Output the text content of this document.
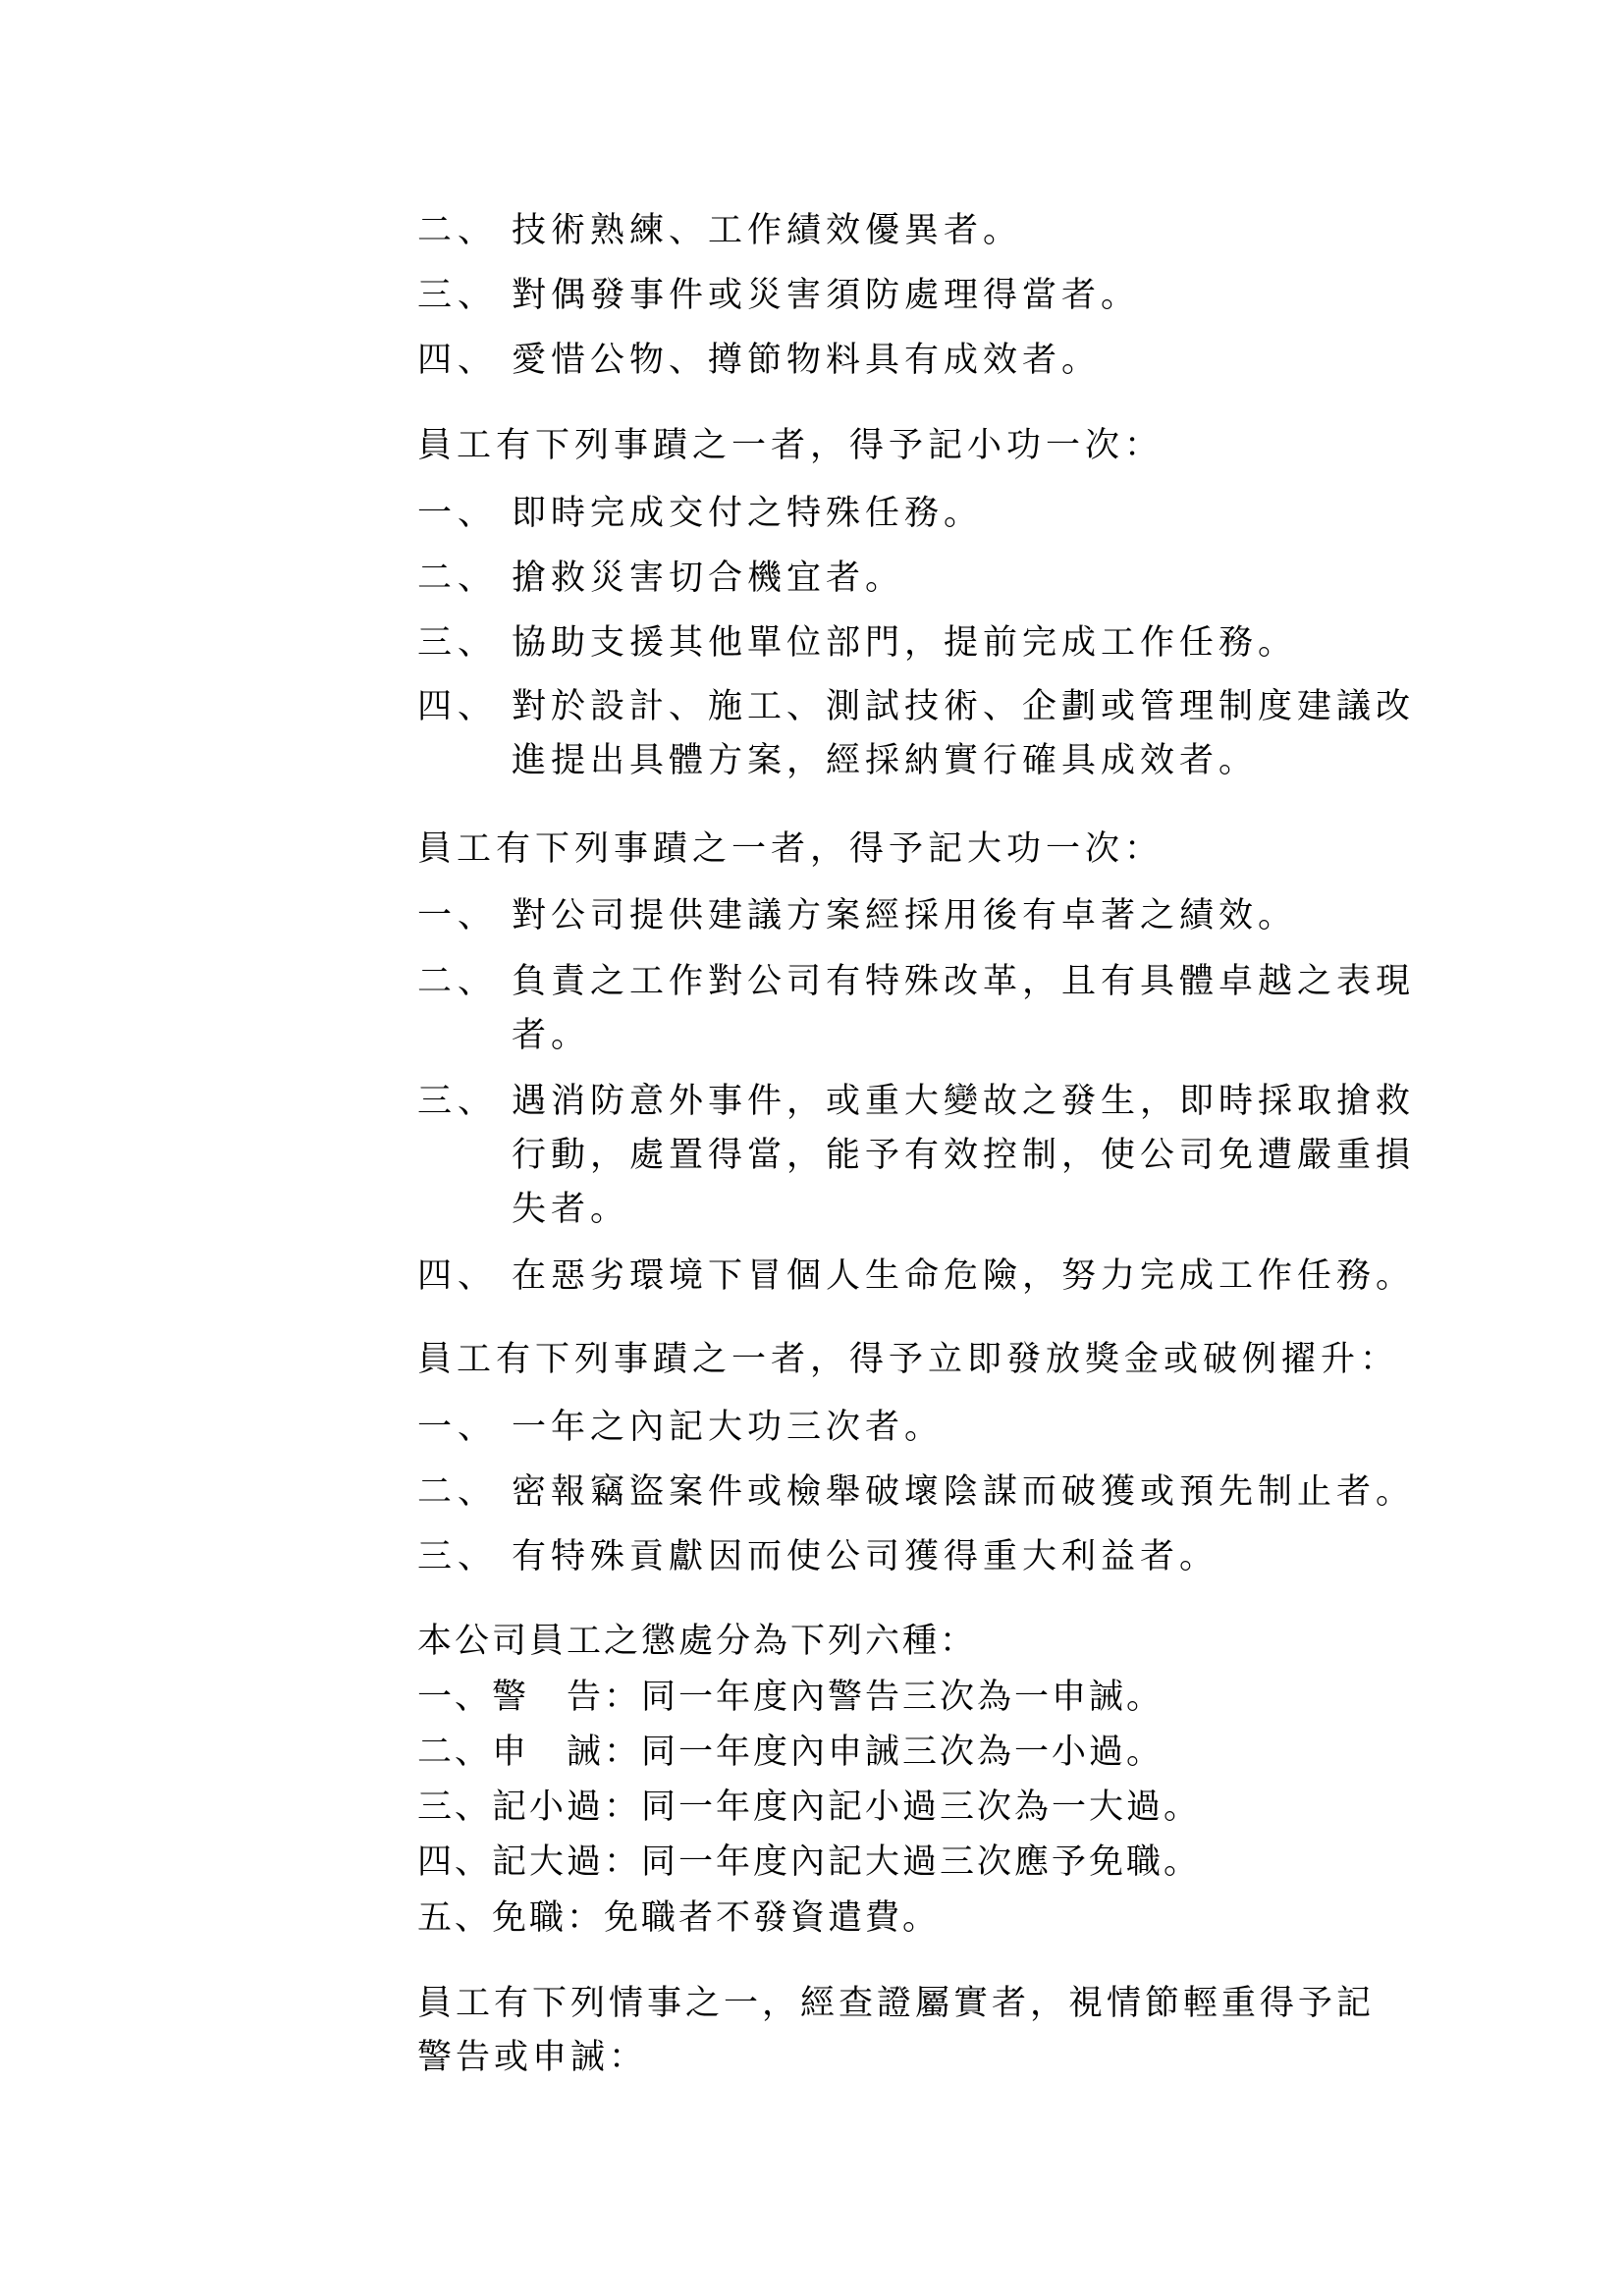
二、 技術熟練、工作績效優異者。
三、 對偶發事件或災害須防處理得當者。
四、 愛惜公物、撙節物料具有成效者。
員工有下列事蹟之一者，得予記小功一次：
一、 即時完成交付之特殊任務。
二、 搶救災害切合機宜者。
三、 協助支援其他單位部門，提前完成工作任務。
四、 對於設計、施工、測試技術、企劃或管理制度建議改進提出具體方案，經採納實行確具成效者。
員工有下列事蹟之一者，得予記大功一次：
一、 對公司提供建議方案經採用後有卓著之績效。
二、 負責之工作對公司有特殊改革，且有具體卓越之表現者。
三、 遇消防意外事件，或重大變故之發生，即時採取搶救行動，處置得當，能予有效控制，使公司免遭嚴重損失者。
四、 在惡劣環境下冒個人生命危險，努力完成工作任務。
員工有下列事蹟之一者，得予立即發放獎金或破例擢升：
一、 一年之內記大功三次者。
二、 密報竊盜案件或檢舉破壞陰謀而破獲或預先制止者。
三、 有特殊貢獻因而使公司獲得重大利益者。
本公司員工之懲處分為下列六種：
一、警　告：同一年度內警告三次為一申誡。
二、申　誡：同一年度內申誡三次為一小過。
三、記小過：同一年度內記小過三次為一大過。
四、記大過：同一年度內記大過三次應予免職。
五、免職：免職者不發資遣費。
員工有下列情事之一，經查證屬實者，視情節輕重得予記警告或申誡：
